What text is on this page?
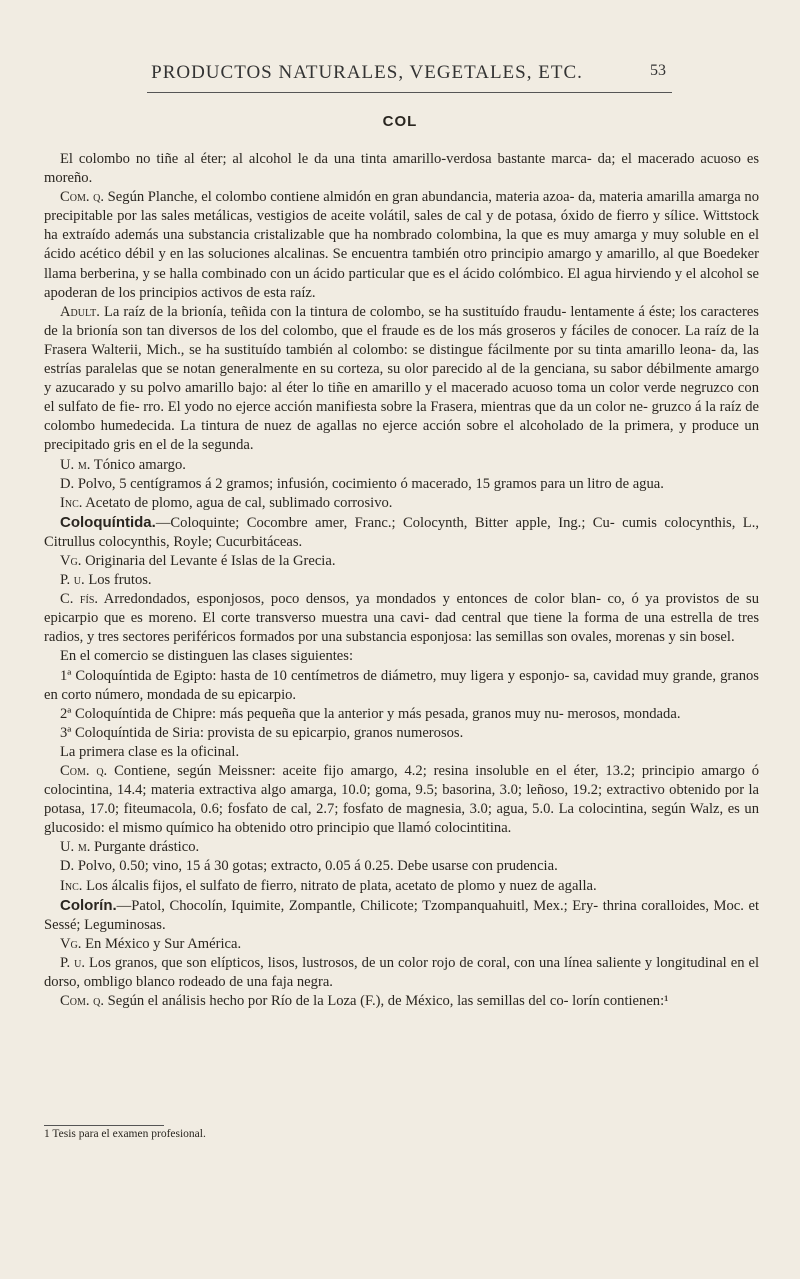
PRODUCTOS NATURALES, VEGETALES, ETC.	53
COL

El colombo no tiñe al éter; al alcohol le da una tinta amarillo-verdosa bastante marca- da; el macerado acuoso es moreño.

Com. q. Según Planche, el colombo contiene almidón en gran abundancia, materia azoa- da, materia amarilla amarga no precipitable por las sales metálicas, vestigios de aceite volátil, sales de cal y de potasa, óxido de fierro y sílice. Wittstock ha extraído además una substancia cristalizable que ha nombrado colombina, la que es muy amarga y muy soluble en el ácido acético débil y en las soluciones alcalinas. Se encuentra también otro principio amargo y amarillo, al que Boedeker llama berberina, y se halla combinado con un ácido particular que es el ácido colómbico. El agua hirviendo y el alcohol se apoderan de los principios activos de esta raíz.

Adult. La raíz de la brionía, teñida con la tintura de colombo, se ha sustituído fraudu- lentamente á éste; los caracteres de la brionía son tan diversos de los del colombo, que el fraude es de los más groseros y fáciles de conocer. La raíz de la Frasera Walterii, Mich., se ha sustituído también al colombo: se distingue fácilmente por su tinta amarillo leona- da, las estrías paralelas que se notan generalmente en su corteza, su olor parecido al de la genciana, su sabor débilmente amargo y azucarado y su polvo amarillo bajo: al éter lo tiñe en amarillo y el macerado acuoso toma un color verde negruzco con el sulfato de fie- rro. El yodo no ejerce acción manifiesta sobre la Frasera, mientras que da un color ne- gruzco á la raíz de colombo humedecida. La tintura de nuez de agallas no ejerce acción sobre el alcoholado de la primera, y produce un precipitado gris en el de la segunda.

U. m. Tónico amargo.

D. Polvo, 5 centígramos á 2 gramos; infusión, cocimiento ó macerado, 15 gramos para un litro de agua.

Inc. Acetato de plomo, agua de cal, sublimado corrosivo.

Coloquíntida.—Coloquinte; Cocombre amer, Franc.; Colocynth, Bitter apple, Ing.; Cu- cumis colocynthis, L., Citrullus colocynthis, Royle; Cucurbitáceas.

Vg. Originaria del Levante é Islas de la Grecia.

P. u. Los frutos.

C. fís. Arredondados, esponjosos, poco densos, ya mondados y entonces de color blan- co, ó ya provistos de su epicarpio que es moreno. El corte transverso muestra una cavi- dad central que tiene la forma de una estrella de tres radios, y tres sectores periféricos formados por una substancia esponjosa: las semillas son ovales, morenas y sin bosel.

En el comercio se distinguen las clases siguientes:

1ª Coloquíntida de Egipto: hasta de 10 centímetros de diámetro, muy ligera y esponjo- sa, cavidad muy grande, granos en corto número, mondada de su epicarpio.

2ª Coloquíntida de Chipre: más pequeña que la anterior y más pesada, granos muy nu- merosos, mondada.

3ª Coloquíntida de Siria: provista de su epicarpio, granos numerosos.

La primera clase es la oficinal.

Com. q. Contiene, según Meissner: aceite fijo amargo, 4.2; resina insoluble en el éter, 13.2; principio amargo ó colocintina, 14.4; materia extractiva algo amarga, 10.0; goma, 9.5; basorina, 3.0; leñoso, 19.2; extractivo obtenido por la potasa, 17.0; fiteumacola, 0.6; fosfato de cal, 2.7; fosfato de magnesia, 3.0; agua, 5.0. La colocintina, según Walz, es un glucosido: el mismo químico ha obtenido otro principio que llamó colocintitina.

U. m. Purgante drástico.

D. Polvo, 0.50; vino, 15 á 30 gotas; extracto, 0.05 á 0.25. Debe usarse con prudencia.

Inc. Los álcalis fijos, el sulfato de fierro, nitrato de plata, acetato de plomo y nuez de agalla.

Colorín.—Patol, Chocolín, Iquimite, Zompantle, Chilicote; Tzompanquahuitl, Mex.; Ery- thrina coralloides, Moc. et Sessé; Leguminosas.

Vg. En México y Sur América.

P. u. Los granos, que son elípticos, lisos, lustrosos, de un color rojo de coral, con una línea saliente y longitudinal en el dorso, ombligo blanco rodeado de una faja negra.

Com. q. Según el análisis hecho por Río de la Loza (F.), de México, las semillas del co- lorín contienen:¹

1 Tesis para el examen profesional.
